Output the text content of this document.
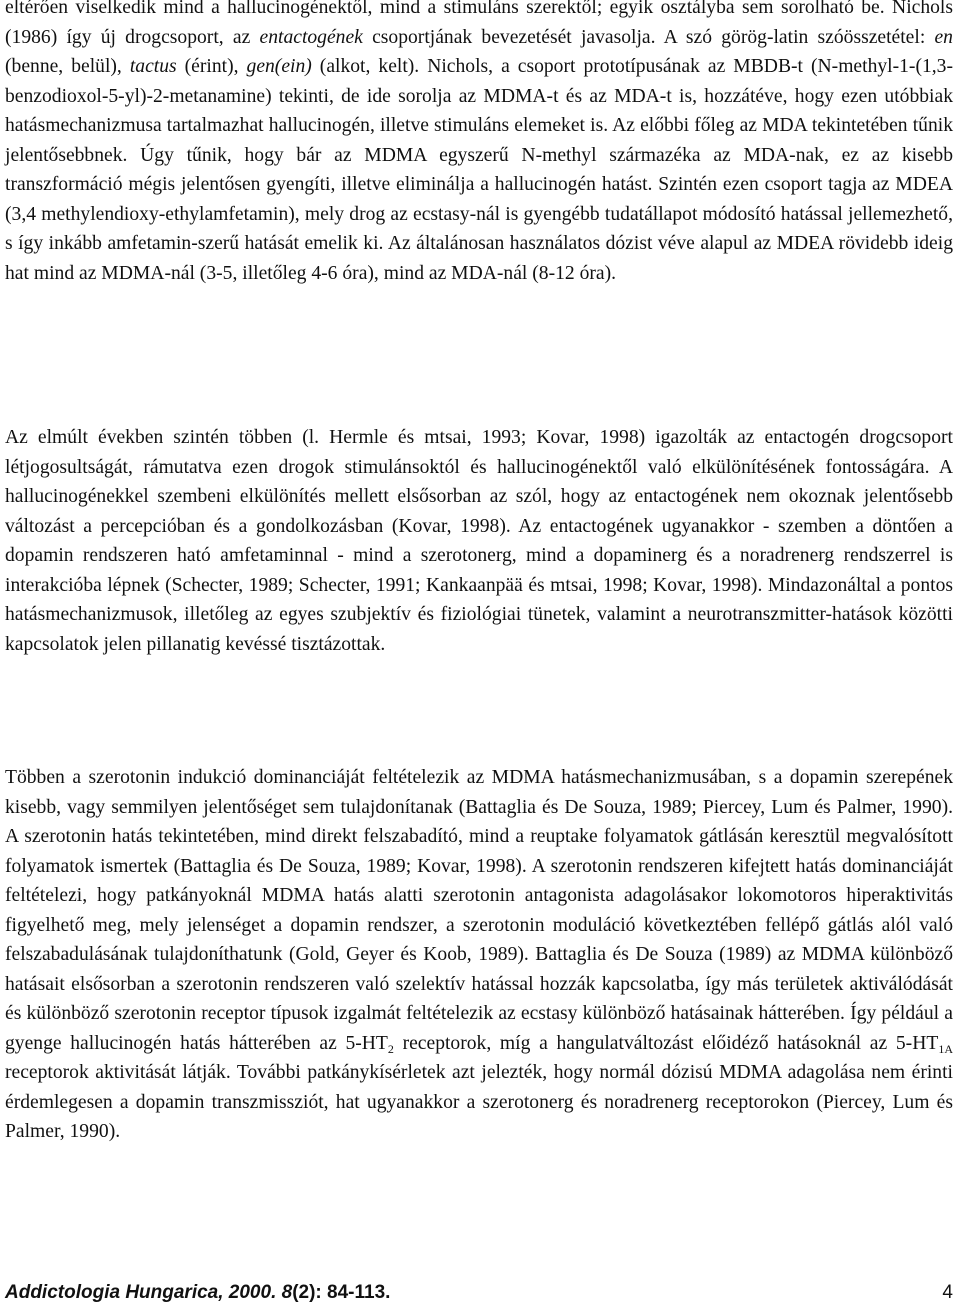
eltérően viselkedik mind a hallucinogénektől, mind a stimuláns szerektől; egyik osztályba sem sorolható be. Nichols (1986) így új drogcsoport, az entactogének csoportjának bevezetését javasolja. A szó görög-latin szóösszetétel: en (benne, belül), tactus (érint), gen(ein) (alkot, kelt). Nichols, a csoport prototípusának az MBDB-t (N-methyl-1-(1,3-benzodioxol-5-yl)-2-metanamine) tekinti, de ide sorolja az MDMA-t és az MDA-t is, hozzátéve, hogy ezen utóbbiak hatásmechanizmusa tartalmazhat hallucinogén, illetve stimuláns elemeket is. Az előbbi főleg az MDA tekintetében tűnik jelentősebbnek. Úgy tűnik, hogy bár az MDMA egyszerű N-methyl származéka az MDA-nak, ez az kisebb transzformáció mégis jelentősen gyengíti, illetve eliminálja a hallucinogén hatást. Szintén ezen csoport tagja az MDEA (3,4 methylendioxy-ethylamfetamin), mely drog az ecstasy-nál is gyengébb tudatállapot módosító hatással jellemezhető, s így inkább amfetamin-szerű hatását emelik ki. Az általánosan használatos dózist véve alapul az MDEA rövidebb ideig hat mind az MDMA-nál (3-5, illetőleg 4-6 óra), mind az MDA-nál (8-12 óra).

Az elmúlt években szintén többen (l. Hermle és mtsai, 1993; Kovar, 1998) igazolták az entactogén drogcsoport létjogosultságát, rámutatva ezen drogok stimulánsoktól és hallucinogénektől való elkülönítésének fontosságára. A hallucinogénekkel szembeni elkülönítés mellett elsősorban az szól, hogy az entactogének nem okoznak jelentősebb változást a percepcióban és a gondolkozásban (Kovar, 1998). Az entactogének ugyanakkor - szemben a döntően a dopamin rendszeren ható amfetaminnal - mind a szerotonerg, mind a dopaminerg és a noradrenerg rendszerrel is interakcióba lépnek (Schecter, 1989; Schecter, 1991; Kankaanpää és mtsai, 1998; Kovar, 1998). Mindazonáltal a pontos hatásmechanizmusok, illetőleg az egyes szubjektív és fiziológiai tünetek, valamint a neurotranszmitter-hatások közötti kapcsolatok jelen pillanatig kevéssé tisztázottak.

Többen a szerotonin indukció dominanciáját feltételezik az MDMA hatásmechanizmusában, s a dopamin szerepének kisebb, vagy semmilyen jelentőséget sem tulajdonítanak (Battaglia és De Souza, 1989; Piercey, Lum és Palmer, 1990). A szerotonin hatás tekintetében, mind direkt felszabadító, mind a reuptake folyamatok gátlásán keresztül megvalósított folyamatok ismertek (Battaglia és De Souza, 1989; Kovar, 1998). A szerotonin rendszeren kifejtett hatás dominanciáját feltételezi, hogy patkányoknál MDMA hatás alatti szerotonin antagonista adagolásakor lokomotoros hiperaktivitás figyelhető meg, mely jelenséget a dopamin rendszer, a szerotonin moduláció következtében fellépő gátlás alól való felszabadulásának tulajdoníthatunk (Gold, Geyer és Koob, 1989). Battaglia és De Souza (1989) az MDMA különböző hatásait elsősorban a szerotonin rendszeren való szelektív hatással hozzák kapcsolatba, így más területek aktiválódását és különböző szerotonin receptor típusok izgalmát feltételezik az ecstasy különböző hatásainak hátterében. Így például a gyenge hallucinogén hatás hátterében az $5-HT_2$ receptorok, míg a hangulatváltozást előidéző hatásoknál az $5-HT_{1A}$ receptorok aktivitását látják. További patkánykísérletek azt jelezték, hogy normál dózisú MDMA adagolása nem érinti érdemlegesen a dopamin transzmissziót, hat ugyanakkor a szerotonerg és noradrenerg receptorokon (Piercey, Lum és Palmer, 1990).

Addictologia Hungarica, 2000. 8(2): 84-113.	4
